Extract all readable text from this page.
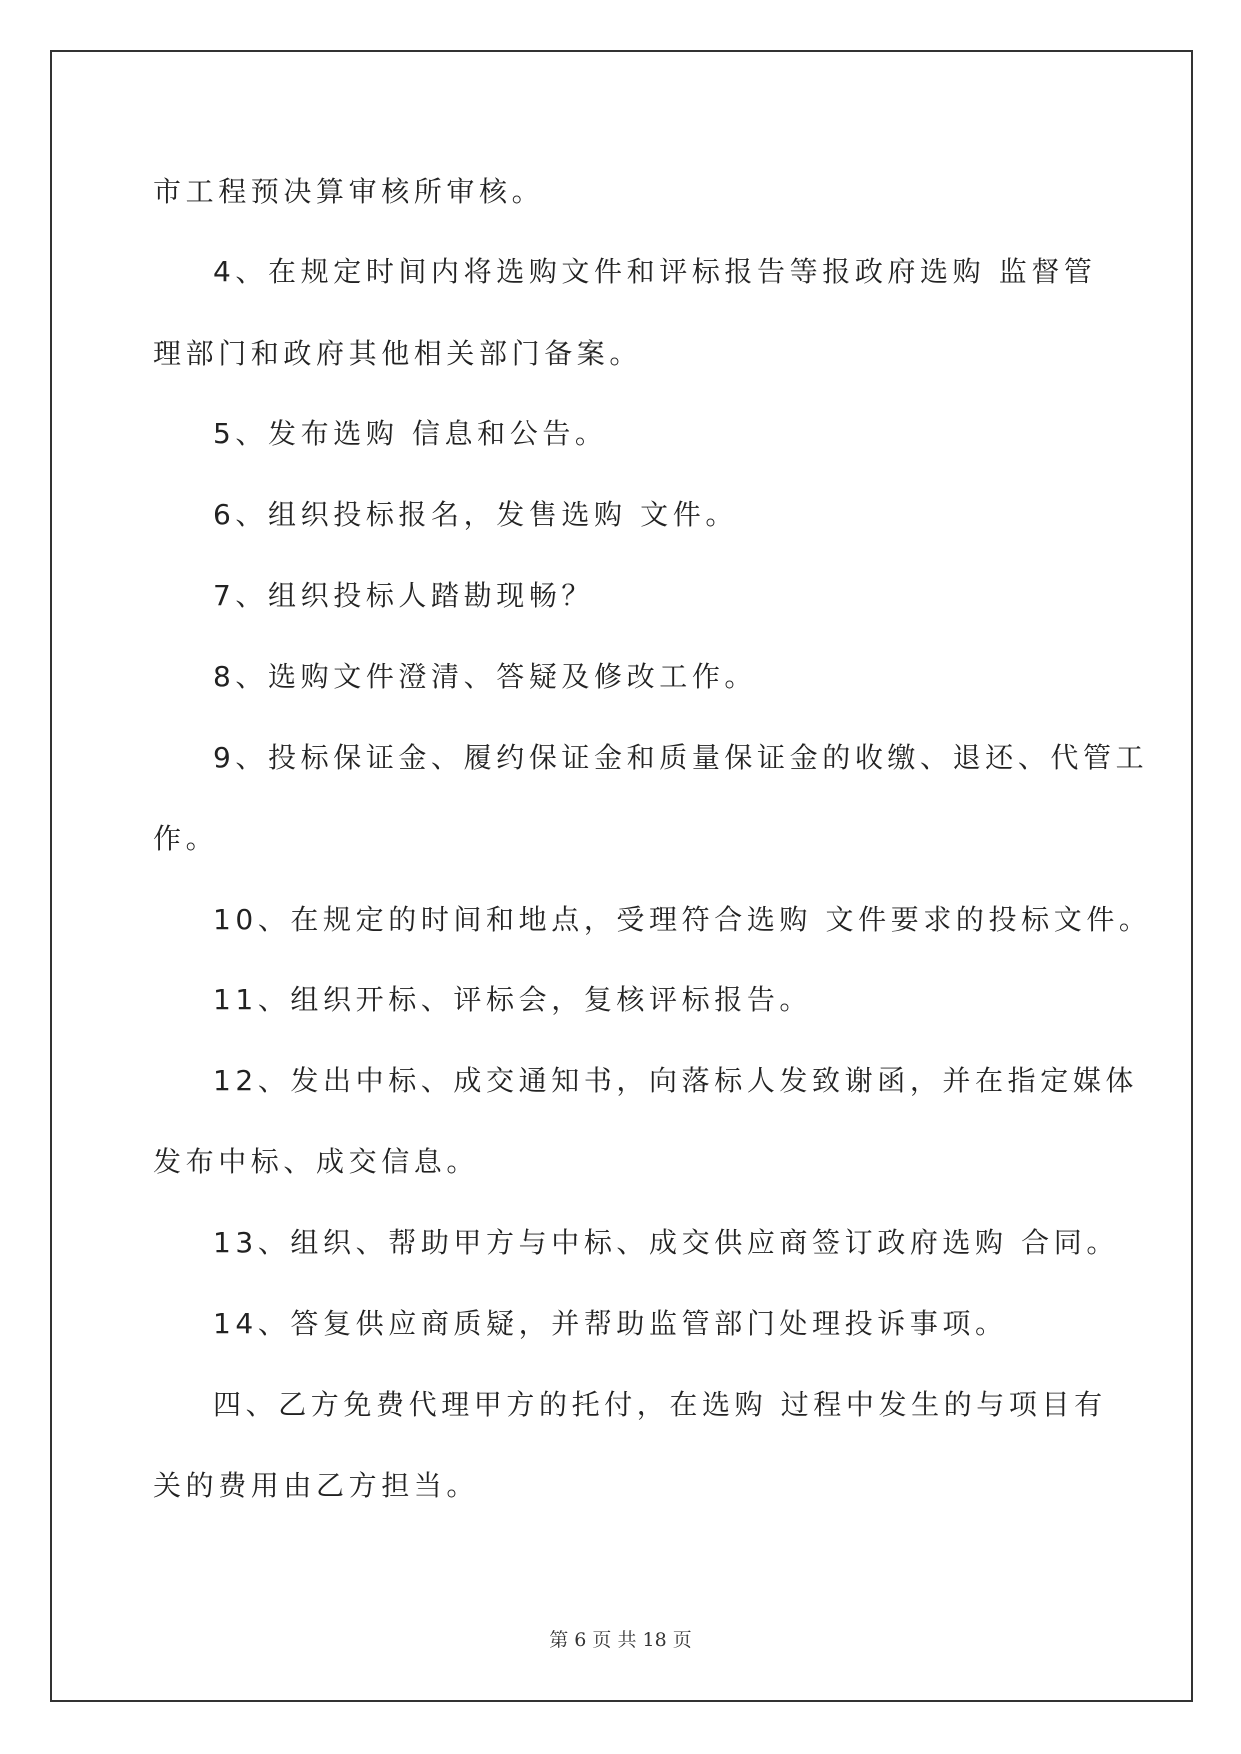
市工程预决算审核所审核。
4、在规定时间内将选购文件和评标报告等报政府选购 监督管
理部门和政府其他相关部门备案。
5、发布选购 信息和公告。
6、组织投标报名，发售选购 文件。
7、组织投标人踏勘现畅？
8、选购文件澄清、答疑及修改工作。
9、投标保证金、履约保证金和质量保证金的收缴、退还、代管工
作。
10、在规定的时间和地点，受理符合选购 文件要求的投标文件。
11、组织开标、评标会，复核评标报告。
12、发出中标、成交通知书，向落标人发致谢函，并在指定媒体
发布中标、成交信息。
13、组织、帮助甲方与中标、成交供应商签订政府选购 合同。
14、答复供应商质疑，并帮助监管部门处理投诉事项。
四、乙方免费代理甲方的托付，在选购 过程中发生的与项目有
关的费用由乙方担当。
第 6 页 共 18 页
